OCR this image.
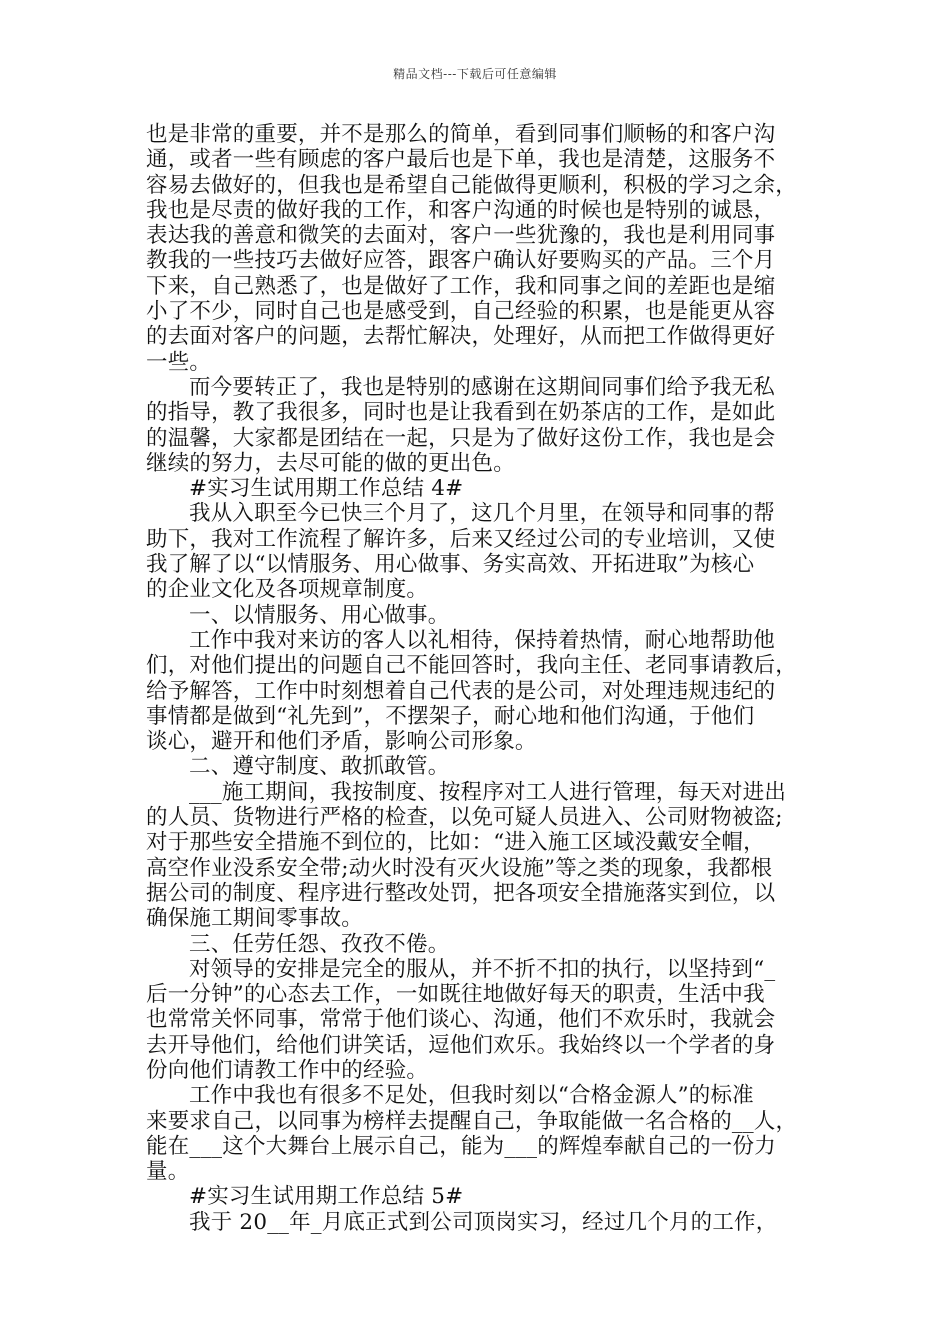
精品文档---下载后可任意编辑
也是非常的重要，并不是那么的简单，看到同事们顺畅的和客户沟
通，或者一些有顾虑的客户最后也是下单，我也是清楚，这服务不
容易去做好的，但我也是希望自己能做得更顺利，积极的学习之余，
我也是尽责的做好我的工作，和客户沟通的时候也是特别的诚恳，
表达我的善意和微笑的去面对，客户一些犹豫的，我也是利用同事
教我的一些技巧去做好应答，跟客户确认好要购买的产品。三个月
下来，自己熟悉了，也是做好了工作，我和同事之间的差距也是缩
小了不少，同时自己也是感受到，自己经验的积累，也是能更从容
的去面对客户的问题，去帮忙解决，处理好，从而把工作做得更好
一些。
而今要转正了，我也是特别的感谢在这期间同事们给予我无私
的指导，教了我很多，同时也是让我看到在奶茶店的工作，是如此
的温馨，大家都是团结在一起，只是为了做好这份工作，我也是会
继续的努力，去尽可能的做的更出色。
#实习生试用期工作总结 4#
我从入职至今已快三个月了，这几个月里，在领导和同事的帮
助下，我对工作流程了解许多，后来又经过公司的专业培训，又使
我了解了以“以情服务、用心做事、务实高效、开拓进取”为核心
的企业文化及各项规章制度。
一、以情服务、用心做事。
工作中我对来访的客人以礼相待，保持着热情，耐心地帮助他
们，对他们提出的问题自己不能回答时，我向主任、老同事请教后，
给予解答，工作中时刻想着自己代表的是公司，对处理违规违纪的
事情都是做到“礼先到”，不摆架子，耐心地和他们沟通，于他们
谈心，避开和他们矛盾，影响公司形象。
二、遵守制度、敢抓敢管。
___施工期间，我按制度、按程序对工人进行管理，每天对进出
的人员、货物进行严格的检查，以免可疑人员进入、公司财物被盗;
对于那些安全措施不到位的，比如：“进入施工区域没戴安全帽，
高空作业没系安全带;动火时没有灭火设施”等之类的现象，我都根
据公司的制度、程序进行整改处罚，把各项安全措施落实到位，以
确保施工期间零事故。
三、任劳任怨、孜孜不倦。
对领导的安排是完全的服从，并不折不扣的执行，以坚持到“_
后一分钟”的心态去工作，一如既往地做好每天的职责，生活中我
也常常关怀同事，常常于他们谈心、沟通，他们不欢乐时，我就会
去开导他们，给他们讲笑话，逗他们欢乐。我始终以一个学者的身
份向他们请教工作中的经验。
工作中我也有很多不足处，但我时刻以“合格金源人”的标准
来要求自己，以同事为榜样去提醒自己，争取能做一名合格的__人，
能在___这个大舞台上展示自己，能为___的辉煌奉献自己的一份力
量。
#实习生试用期工作总结 5#
我于 20__年_月底正式到公司顶岗实习，经过几个月的工作，
